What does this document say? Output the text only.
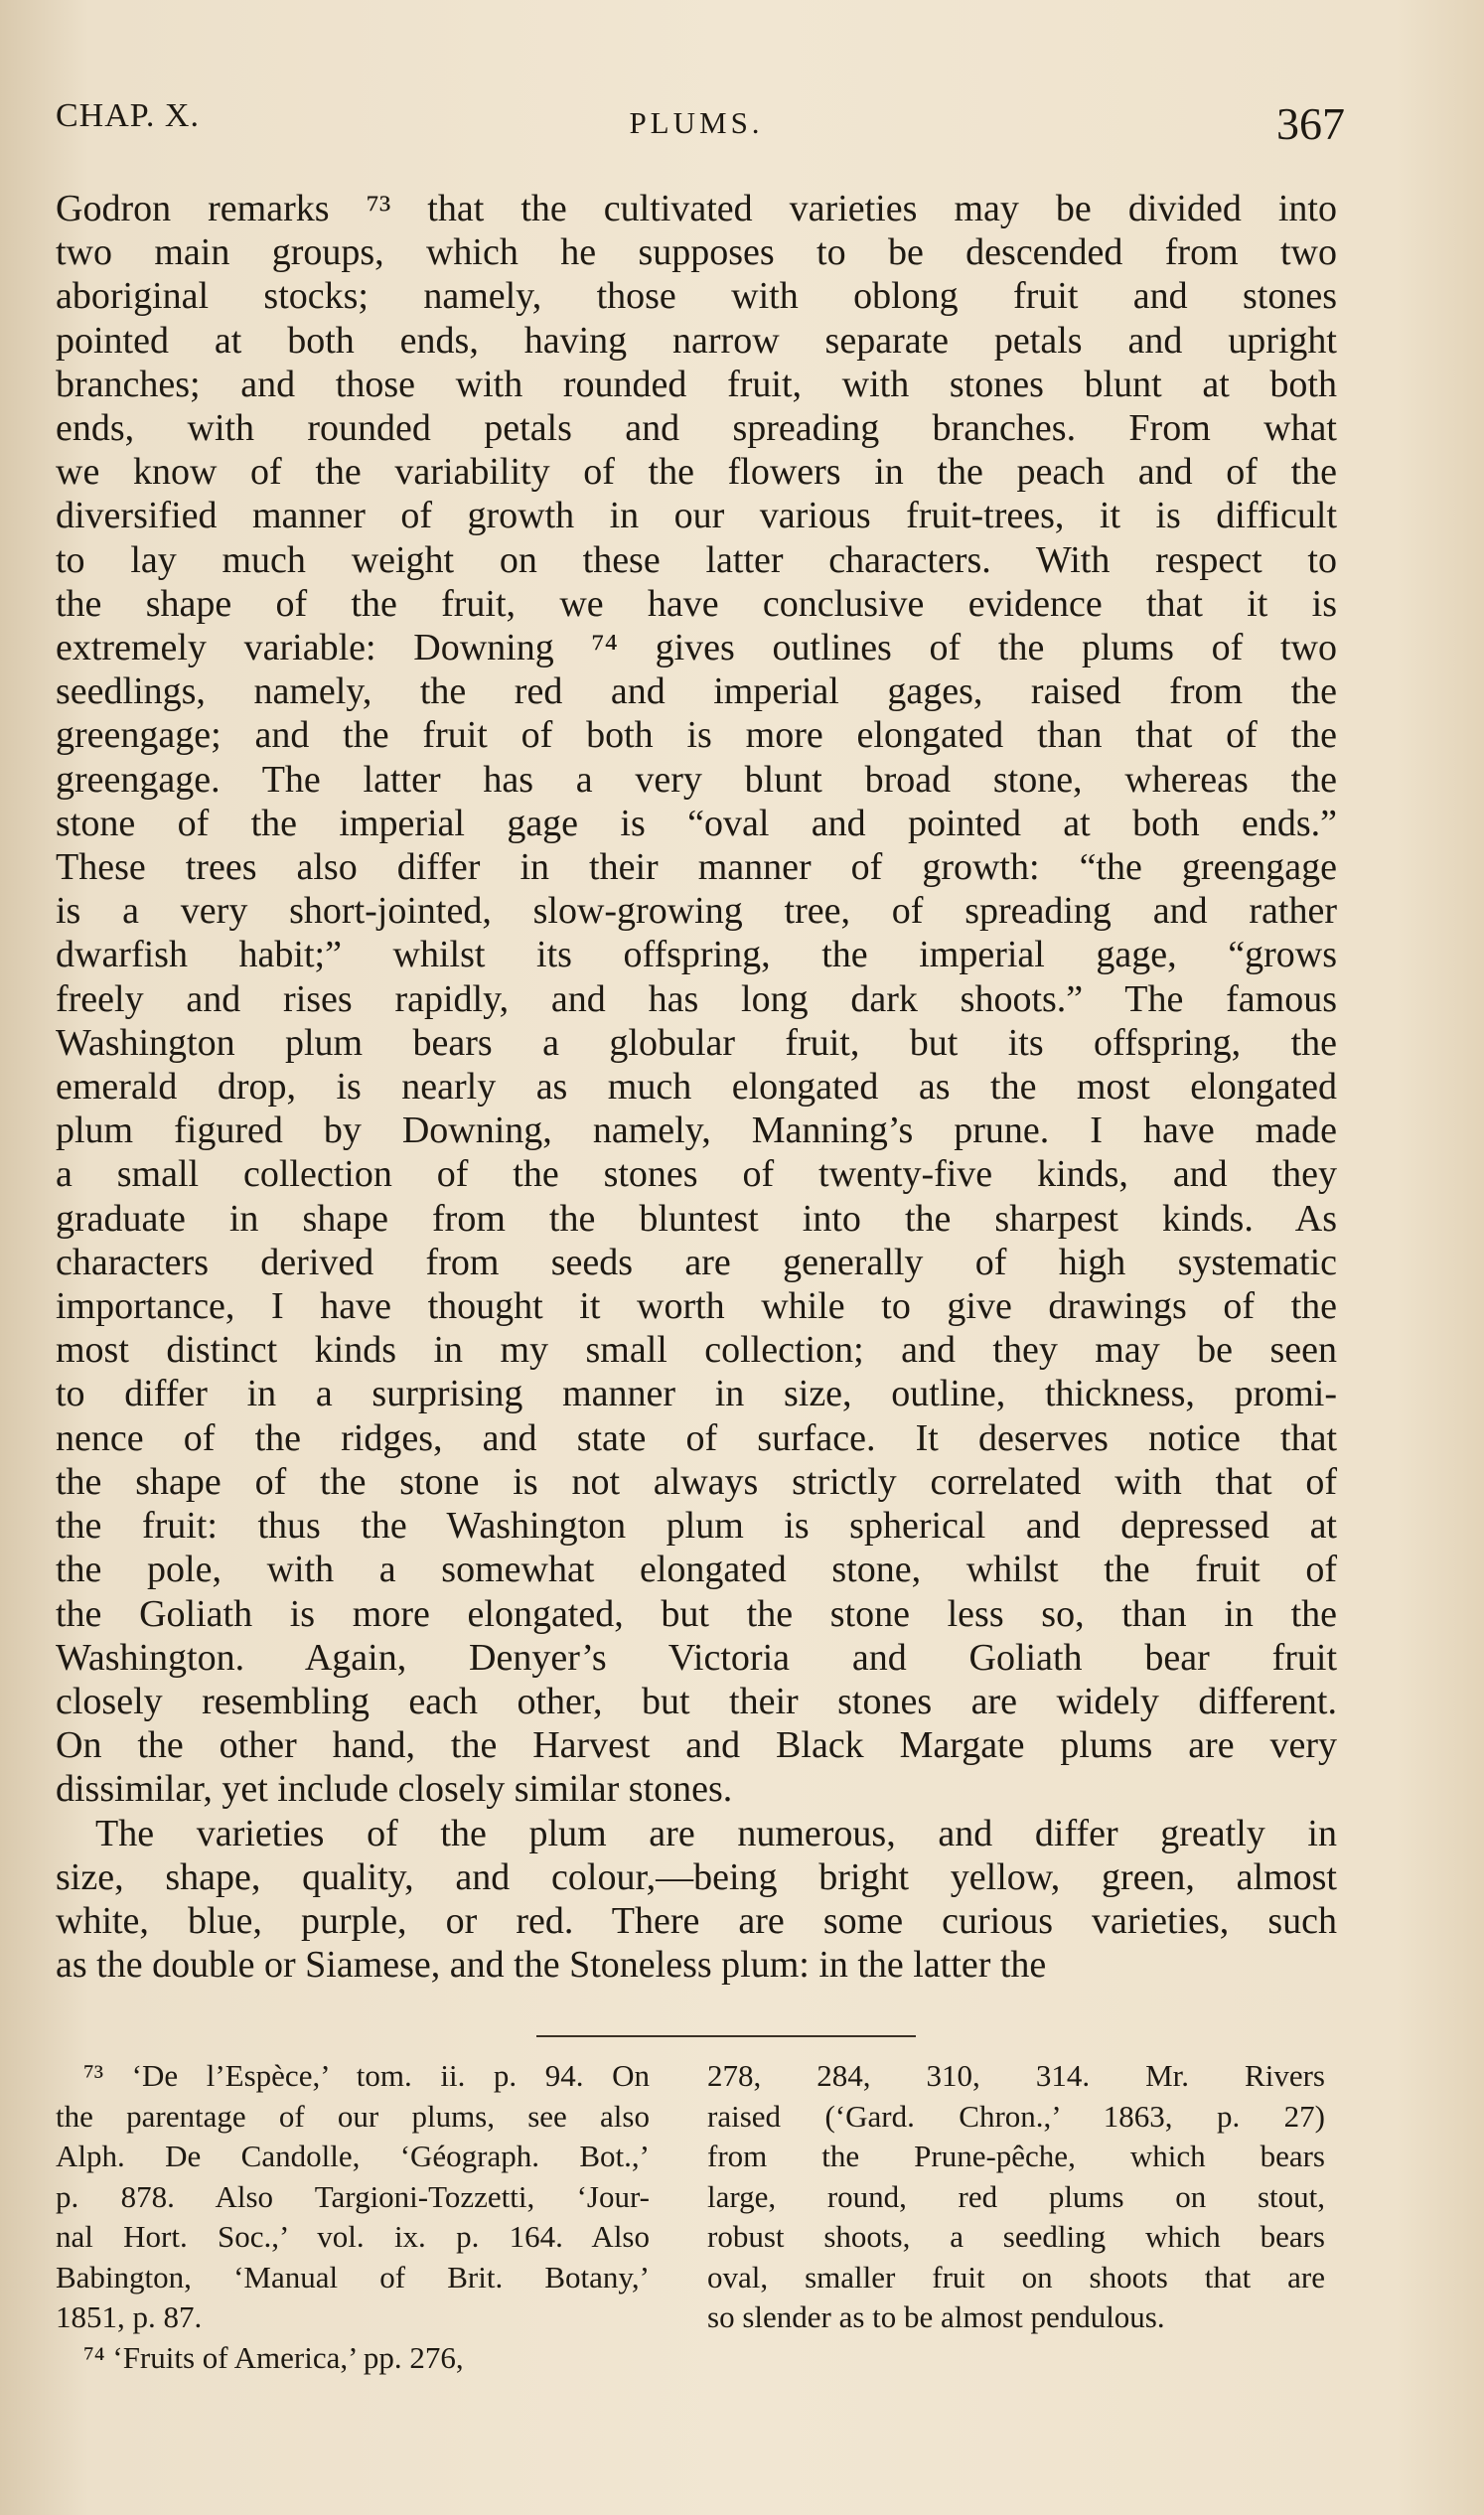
CHAP. X.	PLUMS.	367
Godron remarks ⁷³ that the cultivated varieties may be divided into
two main groups, which he supposes to be descended from two
aboriginal stocks; namely, those with oblong fruit and stones
pointed at both ends, having narrow separate petals and upright
branches; and those with rounded fruit, with stones blunt at both
ends, with rounded petals and spreading branches. From what
we know of the variability of the flowers in the peach and of the
diversified manner of growth in our various fruit-trees, it is difficult
to lay much weight on these latter characters. With respect to
the shape of the fruit, we have conclusive evidence that it is
extremely variable: Downing ⁷⁴ gives outlines of the plums of two
seedlings, namely, the red and imperial gages, raised from the
greengage; and the fruit of both is more elongated than that of the
greengage. The latter has a very blunt broad stone, whereas the
stone of the imperial gage is “oval and pointed at both ends.”
These trees also differ in their manner of growth: “the greengage
is a very short-jointed, slow-growing tree, of spreading and rather
dwarfish habit;” whilst its offspring, the imperial gage, “grows
freely and rises rapidly, and has long dark shoots.” The famous
Washington plum bears a globular fruit, but its offspring, the
emerald drop, is nearly as much elongated as the most elongated
plum figured by Downing, namely, Manning’s prune. I have made
a small collection of the stones of twenty-five kinds, and they
graduate in shape from the bluntest into the sharpest kinds. As
characters derived from seeds are generally of high systematic
importance, I have thought it worth while to give drawings of the
most distinct kinds in my small collection; and they may be seen
to differ in a surprising manner in size, outline, thickness, promi-
nence of the ridges, and state of surface. It deserves notice that
the shape of the stone is not always strictly correlated with that of
the fruit: thus the Washington plum is spherical and depressed at
the pole, with a somewhat elongated stone, whilst the fruit of
the Goliath is more elongated, but the stone less so, than in the
Washington. Again, Denyer’s Victoria and Goliath bear fruit
closely resembling each other, but their stones are widely different.
On the other hand, the Harvest and Black Margate plums are very
dissimilar, yet include closely similar stones.
The varieties of the plum are numerous, and differ greatly in
size, shape, quality, and colour,—being bright yellow, green, almost
white, blue, purple, or red. There are some curious varieties, such
as the double or Siamese, and the Stoneless plum: in the latter the
⁷³ ‘De l’Espèce,’ tom. ii. p. 94. On
the parentage of our plums, see also
Alph. De Candolle, ‘Géograph. Bot.,’
p. 878. Also Targioni-Tozzetti, ‘Jour-
nal Hort. Soc.,’ vol. ix. p. 164. Also
Babington, ‘Manual of Brit. Botany,’
1851, p. 87.
⁷⁴ ‘Fruits of America,’ pp. 276,
278, 284, 310, 314. Mr. Rivers
raised (‘Gard. Chron.,’ 1863, p. 27)
from the Prune-pêche, which bears
large, round, red plums on stout,
robust shoots, a seedling which bears
oval, smaller fruit on shoots that are
so slender as to be almost pendulous.
